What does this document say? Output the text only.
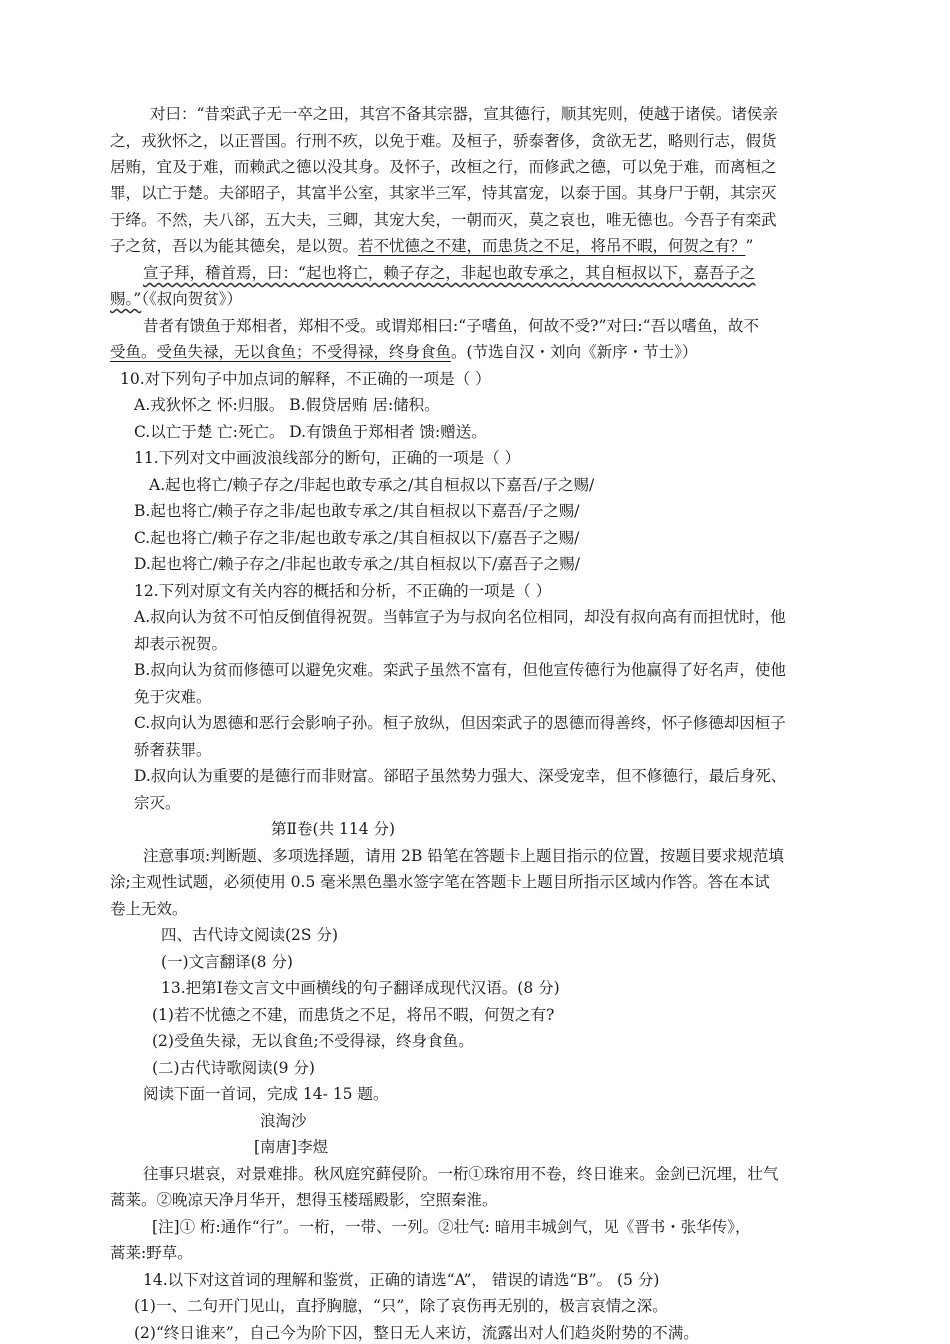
对曰：“昔栾武子无一卒之田，其宫不备其宗器，宣其德行，顺其宪则，使越于诸侯。诸侯亲
之，戎狄怀之，以正晋国。行刑不疚，以免于难。及桓子，骄泰奢侈，贪欲无艺，略则行志，假货
居贿，宜及于难，而赖武之德以没其身。及怀子，改桓之行，而修武之德，可以免于难，而离桓之
罪，以亡于楚。夫郤昭子，其富半公室，其家半三军，恃其富宠，以泰于国。其身尸于朝，其宗灭
于绛。不然，夫八郤，五大夫，三卿，其宠大矣，一朝而灭，莫之哀也，唯无德也。今吾子有栾武
子之贫，吾以为能其德矣，是以贺。若不忧德之不建，而患货之不足，将吊不暇，何贺之有？”
宣子拜，稽首焉，曰：“起也将亡，赖子存之，非起也敢专承之，其自桓叔以下，嘉吾子之
赐。”（《叔向贺贫》）
昔者有馈鱼于郑相者，郑相不受。或谓郑相曰:“子嗜鱼，何故不受?”对曰:“吾以嗜鱼，故不
受鱼。受鱼失禄，无以食鱼；不受得禄，终身食鱼。(节选自汉・刘向《新序・节士》）
10.对下列句子中加点词的解释，不正确的一项是（ ）
A.戎狄怀之 怀:归服。 B.假贷居贿 居:储积。
C.以亡于楚 亡:死亡。 D.有馈鱼于郑相者 馈:赠送。
11.下列对文中画波浪线部分的断句，正确的一项是（ ）
A.起也将亡/赖子存之/非起也敢专承之/其自桓叔以下嘉吾/子之赐/
B.起也将亡/赖子存之非/起也敢专承之/其自桓叔以下嘉吾/子之赐/
C.起也将亡/赖子存之非/起也敢专承之/其自桓叔以下/嘉吾子之赐/
D.起也将亡/赖子存之/非起也敢专承之/其自桓叔以下/嘉吾子之赐/
12.下列对原文有关内容的概括和分析，不正确的一项是（ ）
A.叔向认为贫不可怕反倒值得祝贺。当韩宣子为与叔向名位相同，却没有叔向高有而担忧时，他
却表示祝贺。
B.叔向认为贫而修德可以避免灾难。栾武子虽然不富有，但他宣传德行为他赢得了好名声，使他
免于灾难。
C.叔向认为恩德和恶行会影响子孙。桓子放纵，但因栾武子的恩德而得善终，怀子修德却因桓子
骄奢获罪。
D.叔向认为重要的是德行而非财富。郤昭子虽然势力强大、深受宠幸，但不修德行，最后身死、
宗灭。
第Ⅱ卷(共 114 分)
注意事项:判断题、多项选择题，请用 2B 铅笔在答题卡上题目指示的位置，按题目要求规范填
涂;主观性试题，必须使用 0.5 毫米黑色墨水签字笔在答题卡上题目所指示区域内作答。答在本试
卷上无效。
四、古代诗文阅读(2S 分)
(一)文言翻译(8 分)
13.把第Ⅰ卷文言文中画横线的句子翻译成现代汉语。(8 分)
(1)若不忧德之不建，而患货之不足，将吊不暇，何贺之有?
(2)受鱼失禄，无以食鱼;不受得禄，终身食鱼。
(二)古代诗歌阅读(9 分)
阅读下面一首词，完成 14- 15 题。
浪淘沙
[南唐]李煜
往事只堪哀，对景难排。秋风庭究藓侵阶。一桁①珠帘用不卷，终日谁来。金剑已沉埋，壮气
蒿莱。②晚凉天净月华开，想得玉楼瑶殿影，空照秦淮。
[注]① 桁:通作“行”。一桁，一带、一列。②壮气: 暗用丰城剑气，见《晋书・张华传》，
蒿莱:野草。
14.以下对这首词的理解和鉴赏，正确的请选“A”， 错误的请选“B”。 (5 分)
(1)一、二句开门见山，直抒胸臆，“只”，除了哀伤再无别的，极言哀情之深。
(2)“终日谁来”，自己今为阶下囚，整日无人来访，流露出对人们趋炎附势的不满。
